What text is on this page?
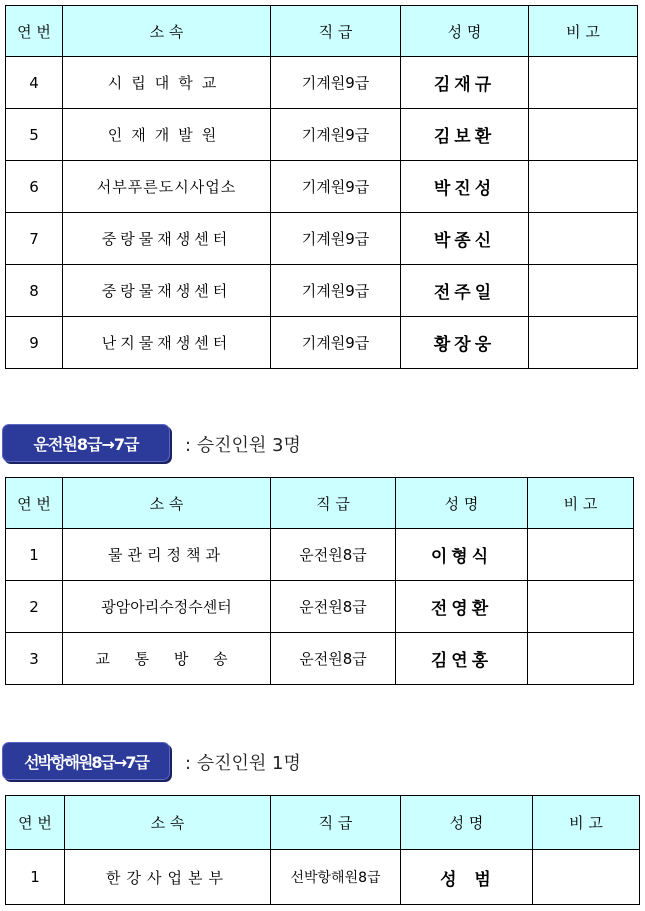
연 번	소 속	직 급	성 명	비 고
4	시립대학교	기계원9급	김재규	
5	인재개발원	기계원9급	김보환	
6	서부푸른도시사업소	기계원9급	박진성	
7	중랑물재생센터	기계원9급	박종신	
8	중랑물재생센터	기계원9급	전주일	
9	난지물재생센터	기계원9급	황장웅	
운전원8급→7급	: 승진인원 3명
연 번	소 속	직 급	성 명	비 고
1	물관리정책과	운전원8급	이형식	
2	광암아리수정수센터	운전원8급	전영환	
3	교 통 방 송	운전원8급	김연홍	
선박항해원8급→7급	: 승진인원 1명
연 번	소 속	직 급	성 명	비 고
1	한강사업본부	선박항해원8급	성  범	
